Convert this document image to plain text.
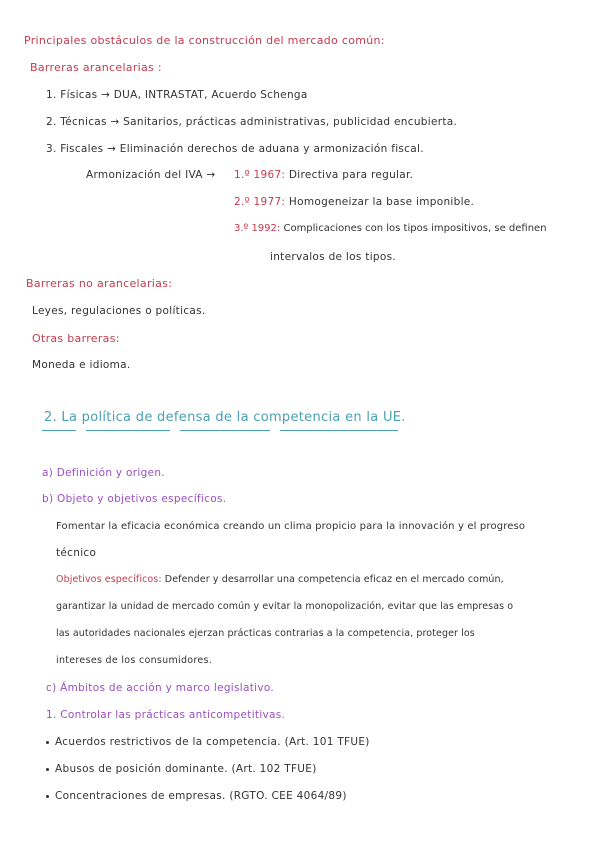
Principales obstáculos de la construcción del mercado común:
Barreras arancelarias :
1. Físicas → DUA, INTRASTAT, Acuerdo Schenga
2. Técnicas → Sanitarios, prácticas administrativas, publicidad encubierta.
3. Fiscales → Eliminación derechos de aduana y armonización fiscal.
Armonización del IVA → 1.º 1967: Directiva para regular.
2.º 1977: Homogeneizar la base imponible.
3.º 1992: Complicaciones con los tipos impositivos, se definen
intervalos de los tipos.
Barreras no arancelarias:
Leyes, regulaciones o políticas.
Otras barreras:
Moneda e idioma.
2. La política de defensa de la competencia en la UE.
a) Definición y origen.
b) Objeto y objetivos específicos.
Fomentar la eficacia económica creando un clima propicio para la innovación y el progreso
técnico
Objetivos específicos: Defender y desarrollar una competencia eficaz en el mercado común,
garantizar la unidad de mercado común y evitar la monopolización, evitar que las empresas o
las autoridades nacionales ejerzan prácticas contrarias a la competencia, proteger los
intereses de los consumidores.
c) Ámbitos de acción y marco legislativo.
1. Controlar las prácticas anticompetitivas.
Acuerdos restrictivos de la competencia. (Art. 101 TFUE)
Abusos de posición dominante. (Art. 102 TFUE)
Concentraciones de empresas. (RGTO. CEE 4064/89)
